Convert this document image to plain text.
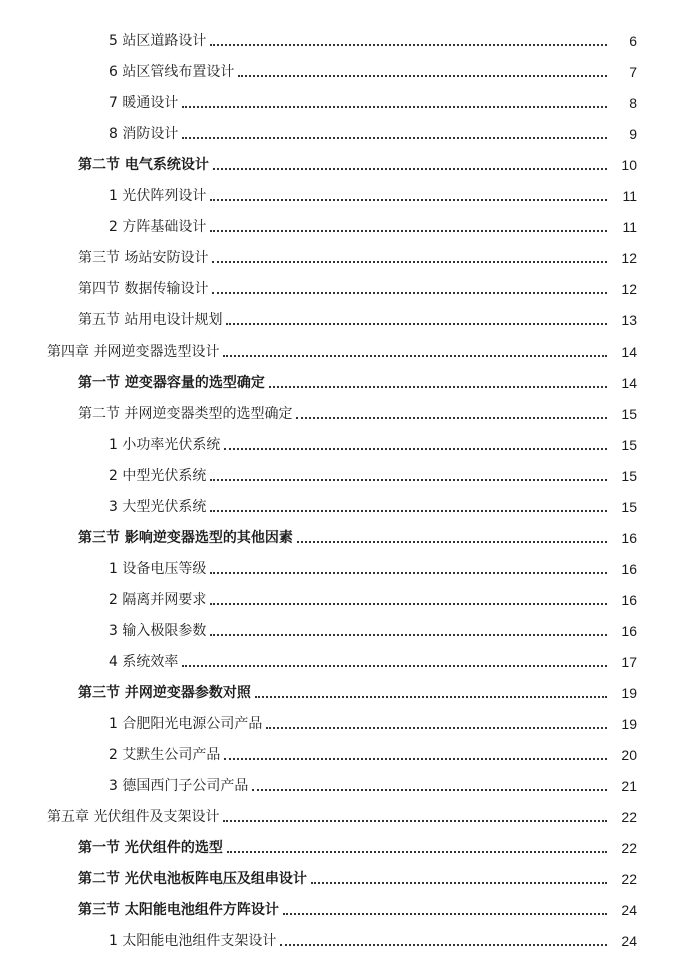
5 站区道路设计	6
6 站区管线布置设计	7
7 暖通设计	8
8 消防设计	9
第二节 电气系统设计	10
1 光伏阵列设计	11
2 方阵基础设计	11
第三节 场站安防设计	12
第四节 数据传输设计	12
第五节 站用电设计规划	13
第四章 并网逆变器选型设计	14
第一节 逆变器容量的选型确定	14
第二节 并网逆变器类型的选型确定	15
1 小功率光伏系统	15
2 中型光伏系统	15
3 大型光伏系统	15
第三节 影响逆变器选型的其他因素	16
1 设备电压等级	16
2 隔离并网要求	16
3 输入极限参数	16
4 系统效率	17
第三节 并网逆变器参数对照	19
1 合肥阳光电源公司产品	19
2 艾默生公司产品	20
3 德国西门子公司产品	21
第五章 光伏组件及支架设计	22
第一节 光伏组件的选型	22
第二节 光伏电池板阵电压及组串设计	22
第三节 太阳能电池组件方阵设计	24
1 太阳能电池组件支架设计	24
